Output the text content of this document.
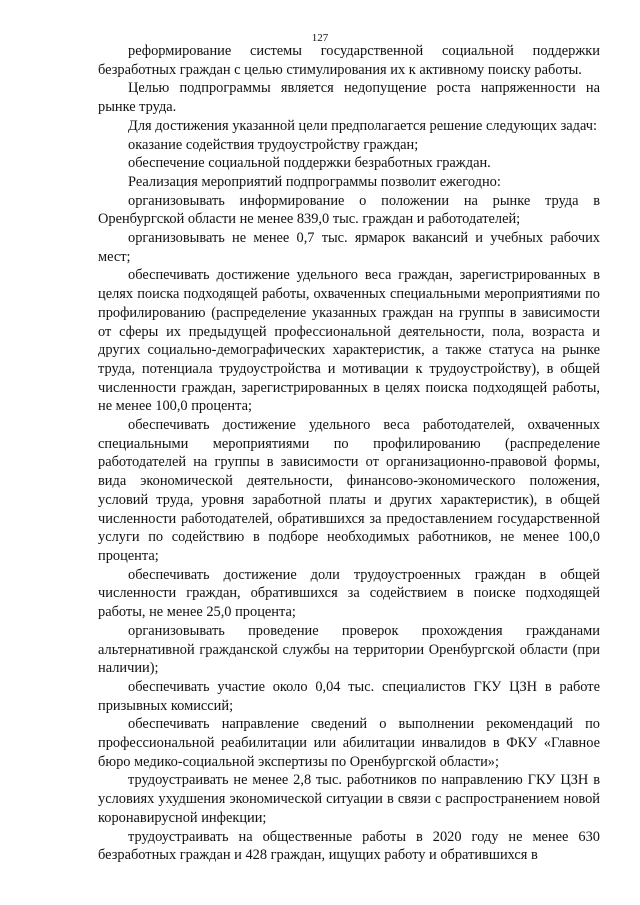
127

реформирование системы государственной социальной поддержки безработных граждан с целью стимулирования их к активному поиску работы.

Целью подпрограммы является недопущение роста напряженности на рынке труда.

Для достижения указанной цели предполагается решение следующих задач:

оказание содействия трудоустройству граждан;

обеспечение социальной поддержки безработных граждан.

Реализация мероприятий подпрограммы позволит ежегодно:

организовывать информирование о положении на рынке труда в Оренбургской области не менее 839,0 тыс. граждан и работодателей;

организовывать не менее 0,7 тыс. ярмарок вакансий и учебных рабочих мест;

обеспечивать достижение удельного веса граждан, зарегистрированных в целях поиска подходящей работы, охваченных специальными мероприятиями по профилированию (распределение указанных граждан на группы в зависимости от сферы их предыдущей профессиональной деятельности, пола, возраста и других социально-демографических характеристик, а также статуса на рынке труда, потенциала трудоустройства и мотивации к трудоустройству), в общей численности граждан, зарегистрированных в целях поиска подходящей работы, не менее 100,0 процента;

обеспечивать достижение удельного веса работодателей, охваченных специальными мероприятиями по профилированию (распределение работодателей на группы в зависимости от организационно-правовой формы, вида экономической деятельности, финансово-экономического положения, условий труда, уровня заработной платы и других характеристик), в общей численности работодателей, обратившихся за предоставлением государственной услуги по содействию в подборе необходимых работников, не менее 100,0 процента;

обеспечивать достижение доли трудоустроенных граждан в общей численности граждан, обратившихся за содействием в поиске подходящей работы, не менее 25,0 процента;

организовывать проведение проверок прохождения гражданами альтернативной гражданской службы на территории Оренбургской области (при наличии);

обеспечивать участие около 0,04 тыс. специалистов ГКУ ЦЗН в работе призывных комиссий;

обеспечивать направление сведений о выполнении рекомендаций по профессиональной реабилитации или абилитации инвалидов в ФКУ «Главное бюро медико-социальной экспертизы по Оренбургской области»;

трудоустраивать не менее 2,8 тыс. работников по направлению ГКУ ЦЗН в условиях ухудшения экономической ситуации в связи с распространением новой коронавирусной инфекции;

трудоустраивать на общественные работы в 2020 году не менее 630 безработных граждан и 428 граждан, ищущих работу и обратившихся в
